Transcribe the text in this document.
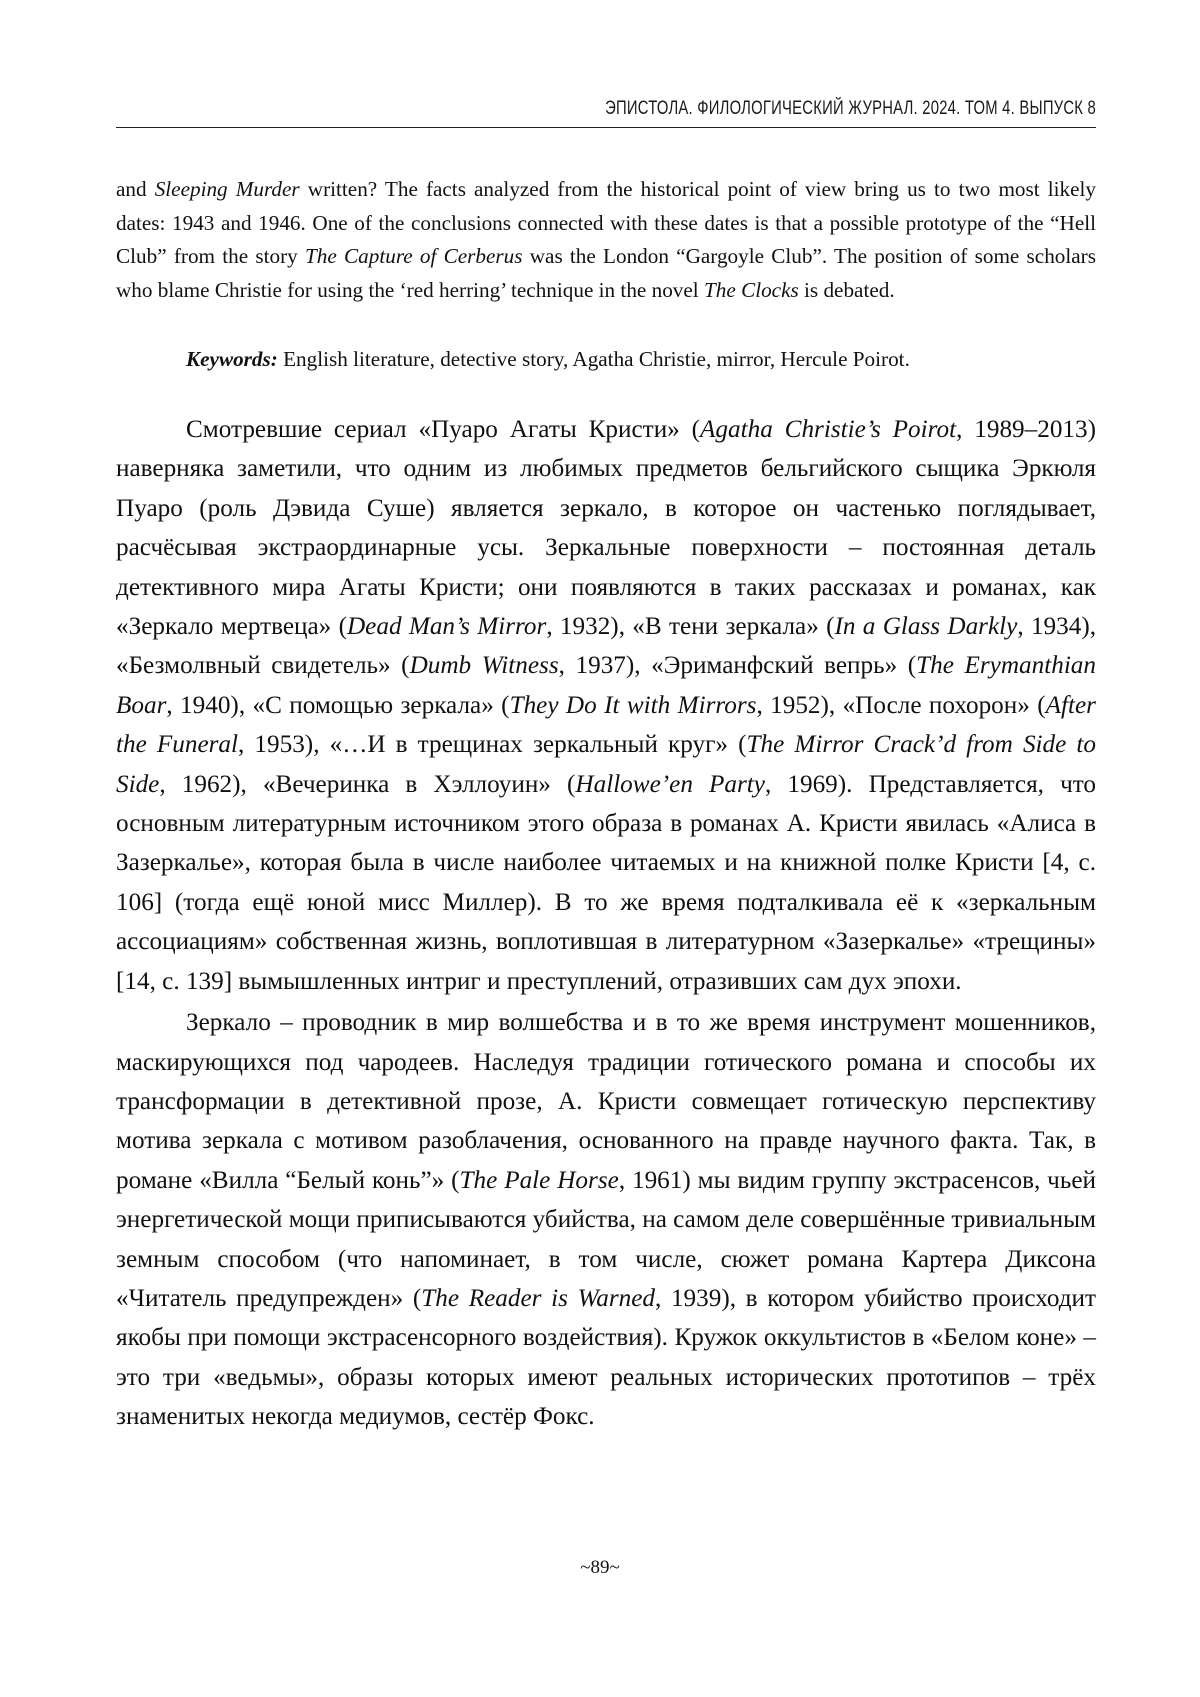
ЭПИСТОЛА. ФИЛОЛОГИЧЕСКИЙ ЖУРНАЛ. 2024. ТОМ 4. ВЫПУСК 8

and Sleeping Murder written? The facts analyzed from the historical point of view bring us to two most likely dates: 1943 and 1946. One of the conclusions connected with these dates is that a possible prototype of the “Hell Club” from the story The Capture of Cerberus was the London “Gargoyle Club”. The position of some scholars who blame Christie for using the ‘red herring’ technique in the novel The Clocks is debated.

Keywords: English literature, detective story, Agatha Christie, mirror, Hercule Poirot.

Смотревшие сериал «Пуаро Агаты Кристи» (Agatha Christie’s Poirot, 1989–2013) наверняка заметили, что одним из любимых предметов бельгийского сыщика Эркюля Пуаро (роль Дэвида Суше) является зеркало, в которое он частенько поглядывает, расчёсывая экстраординарные усы. Зеркальные поверхности – постоянная деталь детективного мира Агаты Кристи; они появляются в таких рассказах и романах, как «Зеркало мертвеца» (Dead Man’s Mirror, 1932), «В тени зеркала» (In a Glass Darkly, 1934), «Безмолвный свидетель» (Dumb Witness, 1937), «Эриманфский вепрь» (The Erymanthian Boar, 1940), «С помощью зеркала» (They Do It with Mirrors, 1952), «После похорон» (After the Funeral, 1953), «…И в трещинах зеркальный круг» (The Mirror Crack’d from Side to Side, 1962), «Вечеринка в Хэллоуин» (Hallowe’en Party, 1969). Представляется, что основным литературным источником этого образа в романах А. Кристи явилась «Алиса в Зазеркалье», которая была в числе наиболее читаемых и на книжной полке Кристи [4, с. 106] (тогда ещё юной мисс Миллер). В то же время подталкивала её к «зеркальным ассоциациям» собственная жизнь, воплотившая в литературном «Зазеркалье» «трещины» [14, с. 139] вымышленных интриг и преступлений, отразивших сам дух эпохи.

Зеркало – проводник в мир волшебства и в то же время инструмент мошенников, маскирующихся под чародеев. Наследуя традиции готического романа и способы их трансформации в детективной прозе, А. Кристи совмещает готическую перспективу мотива зеркала с мотивом разоблачения, основанного на правде научного факта. Так, в романе «Вилла “Белый конь”» (The Pale Horse, 1961) мы видим группу экстрасенсов, чьей энергетической мощи приписываются убийства, на самом деле совершённые тривиальным земным способом (что напоминает, в том числе, сюжет романа Картера Диксона «Читатель предупрежден» (The Reader is Warned, 1939), в котором убийство происходит якобы при помощи экстрасенсорного воздействия). Кружок оккультистов в «Белом коне» – это три «ведьмы», образы которых имеют реальных исторических прототипов – трёх знаменитых некогда медиумов, сестёр Фокс.

~89~
